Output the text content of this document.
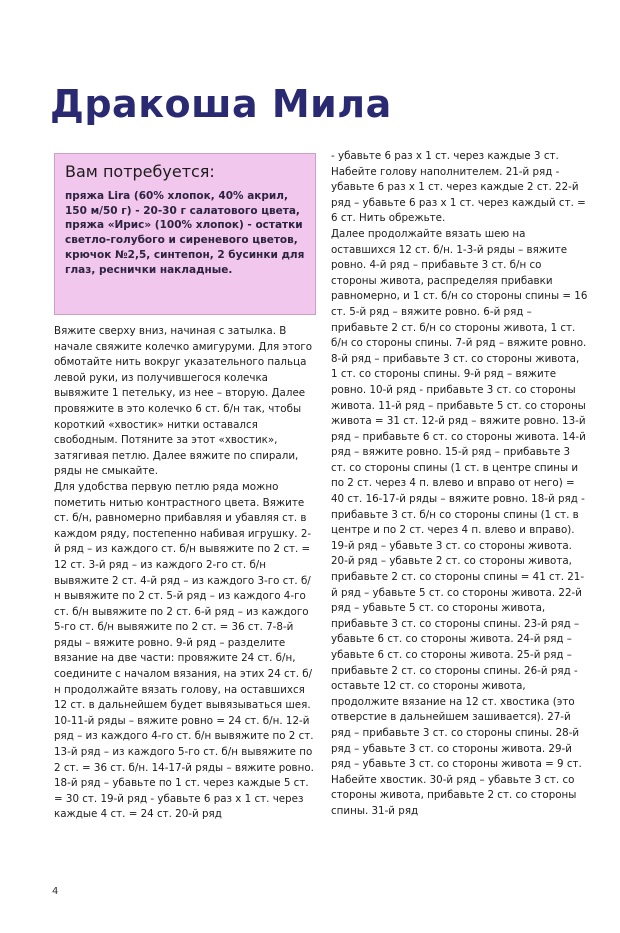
Дракоша Мила
Вам потребуется:

пряжа Lira (60% хлопок, 40% акрил, 150 м/50 г) - 20-30 г салатового цвета, пряжа «Ирис» (100% хлопок) - остатки светло-голубого и сиреневого цветов, крючок №2,5, синтепон, 2 бусинки для глаз, реснички накладные.

Вяжите сверху вниз, начиная с затылка. В начале свяжите колечко амигуруми. Для этого обмотайте нить вокруг указательного пальца левой руки, из получившегося колечка вывяжите 1 петельку, из нее – вторую. Далее провяжите в это колечко 6 ст. б/н так, чтобы короткий «хвостик» нитки оставался свободным. Потяните за этот «хвостик», затягивая петлю. Далее вяжите по спирали, ряды не смыкайте.

Для удобства первую петлю ряда можно пометить нитью контрастного цвета. Вяжите ст. б/н, равномерно прибавляя и убавляя ст. в каждом ряду, постепенно набивая игрушку. 2-й ряд – из каждого ст. б/н вывяжите по 2 ст. = 12 ст. 3-й ряд – из каждого 2-го ст. б/н вывяжите 2 ст. 4-й ряд – из каждого 3-го ст. б/н вывяжите по 2 ст. 5-й ряд – из каждого 4-го ст. б/н вывяжите по 2 ст. 6-й ряд – из каждого 5-го ст. б/н вывяжите по 2 ст. = 36 ст. 7-8-й ряды – вяжите ровно. 9-й ряд – разделите вязание на две части: провяжите 24 ст. б/н, соедините с началом вязания, на этих 24 ст. б/н продолжайте вязать голову, на оставшихся 12 ст. в дальнейшем будет вывязываться шея. 10-11-й ряды – вяжите ровно = 24 ст. б/н. 12-й ряд – из каждого 4-го ст. б/н вывяжите по 2 ст. 13-й ряд – из каждого 5-го ст. б/н вывяжите по 2 ст. = 36 ст. б/н. 14-17-й ряды – вяжите ровно. 18-й ряд – убавьте по 1 ст. через каждые 5 ст. = 30 ст. 19-й ряд - убавьте 6 раз х 1 ст. через каждые 4 ст. = 24 ст. 20-й ряд

- убавьте 6 раз х 1 ст. через каждые 3 ст. Набейте голову наполнителем. 21-й ряд - убавьте 6 раз х 1 ст. через каждые 2 ст. 22-й ряд – убавьте 6 раз х 1 ст. через каждый ст. = 6 ст. Нить обрежьте.

Далее продолжайте вязать шею на оставшихся 12 ст. б/н. 1-3-й ряды – вяжите ровно. 4-й ряд – прибавьте 3 ст. б/н со стороны живота, распределяя прибавки равномерно, и 1 ст. б/н со стороны спины = 16 ст. 5-й ряд – вяжите ровно. 6-й ряд – прибавьте 2 ст. б/н со стороны живота, 1 ст. б/н со стороны спины. 7-й ряд – вяжите ровно. 8-й ряд – прибавьте 3 ст. со стороны живота, 1 ст. со стороны спины. 9-й ряд – вяжите ровно. 10-й ряд - прибавьте 3 ст. со стороны живота. 11-й ряд – прибавьте 5 ст. со стороны живота = 31 ст. 12-й ряд – вяжите ровно. 13-й ряд – прибавьте 6 ст. со стороны живота. 14-й ряд – вяжите ровно. 15-й ряд – прибавьте 3 ст. со стороны спины (1 ст. в центре спины и по 2 ст. через 4 п. влево и вправо от него) = 40 ст. 16-17-й ряды – вяжите ровно. 18-й ряд - прибавьте 3 ст. б/н со стороны спины (1 ст. в центре и по 2 ст. через 4 п. влево и вправо). 19-й ряд – убавьте 3 ст. со стороны живота. 20-й ряд – убавьте 2 ст. со стороны живота, прибавьте 2 ст. со стороны спины = 41 ст. 21-й ряд – убавьте 5 ст. со стороны живота. 22-й ряд – убавьте 5 ст. со стороны живота, прибавьте 3 ст. со стороны спины. 23-й ряд – убавьте 6 ст. со стороны живота. 24-й ряд – убавьте 6 ст. со стороны живота. 25-й ряд – прибавьте 2 ст. со стороны спины. 26-й ряд - оставьте 12 ст. со стороны живота, продолжите вязание на 12 ст. хвостика (это отверстие в дальнейшем зашивается). 27-й ряд – прибавьте 3 ст. со стороны спины. 28-й ряд – убавьте 3 ст. со стороны живота. 29-й ряд – убавьте 3 ст. со стороны живота = 9 ст. Набейте хвостик. 30-й ряд – убавьте 3 ст. со стороны живота, прибавьте 2 ст. со стороны спины. 31-й ряд

4
